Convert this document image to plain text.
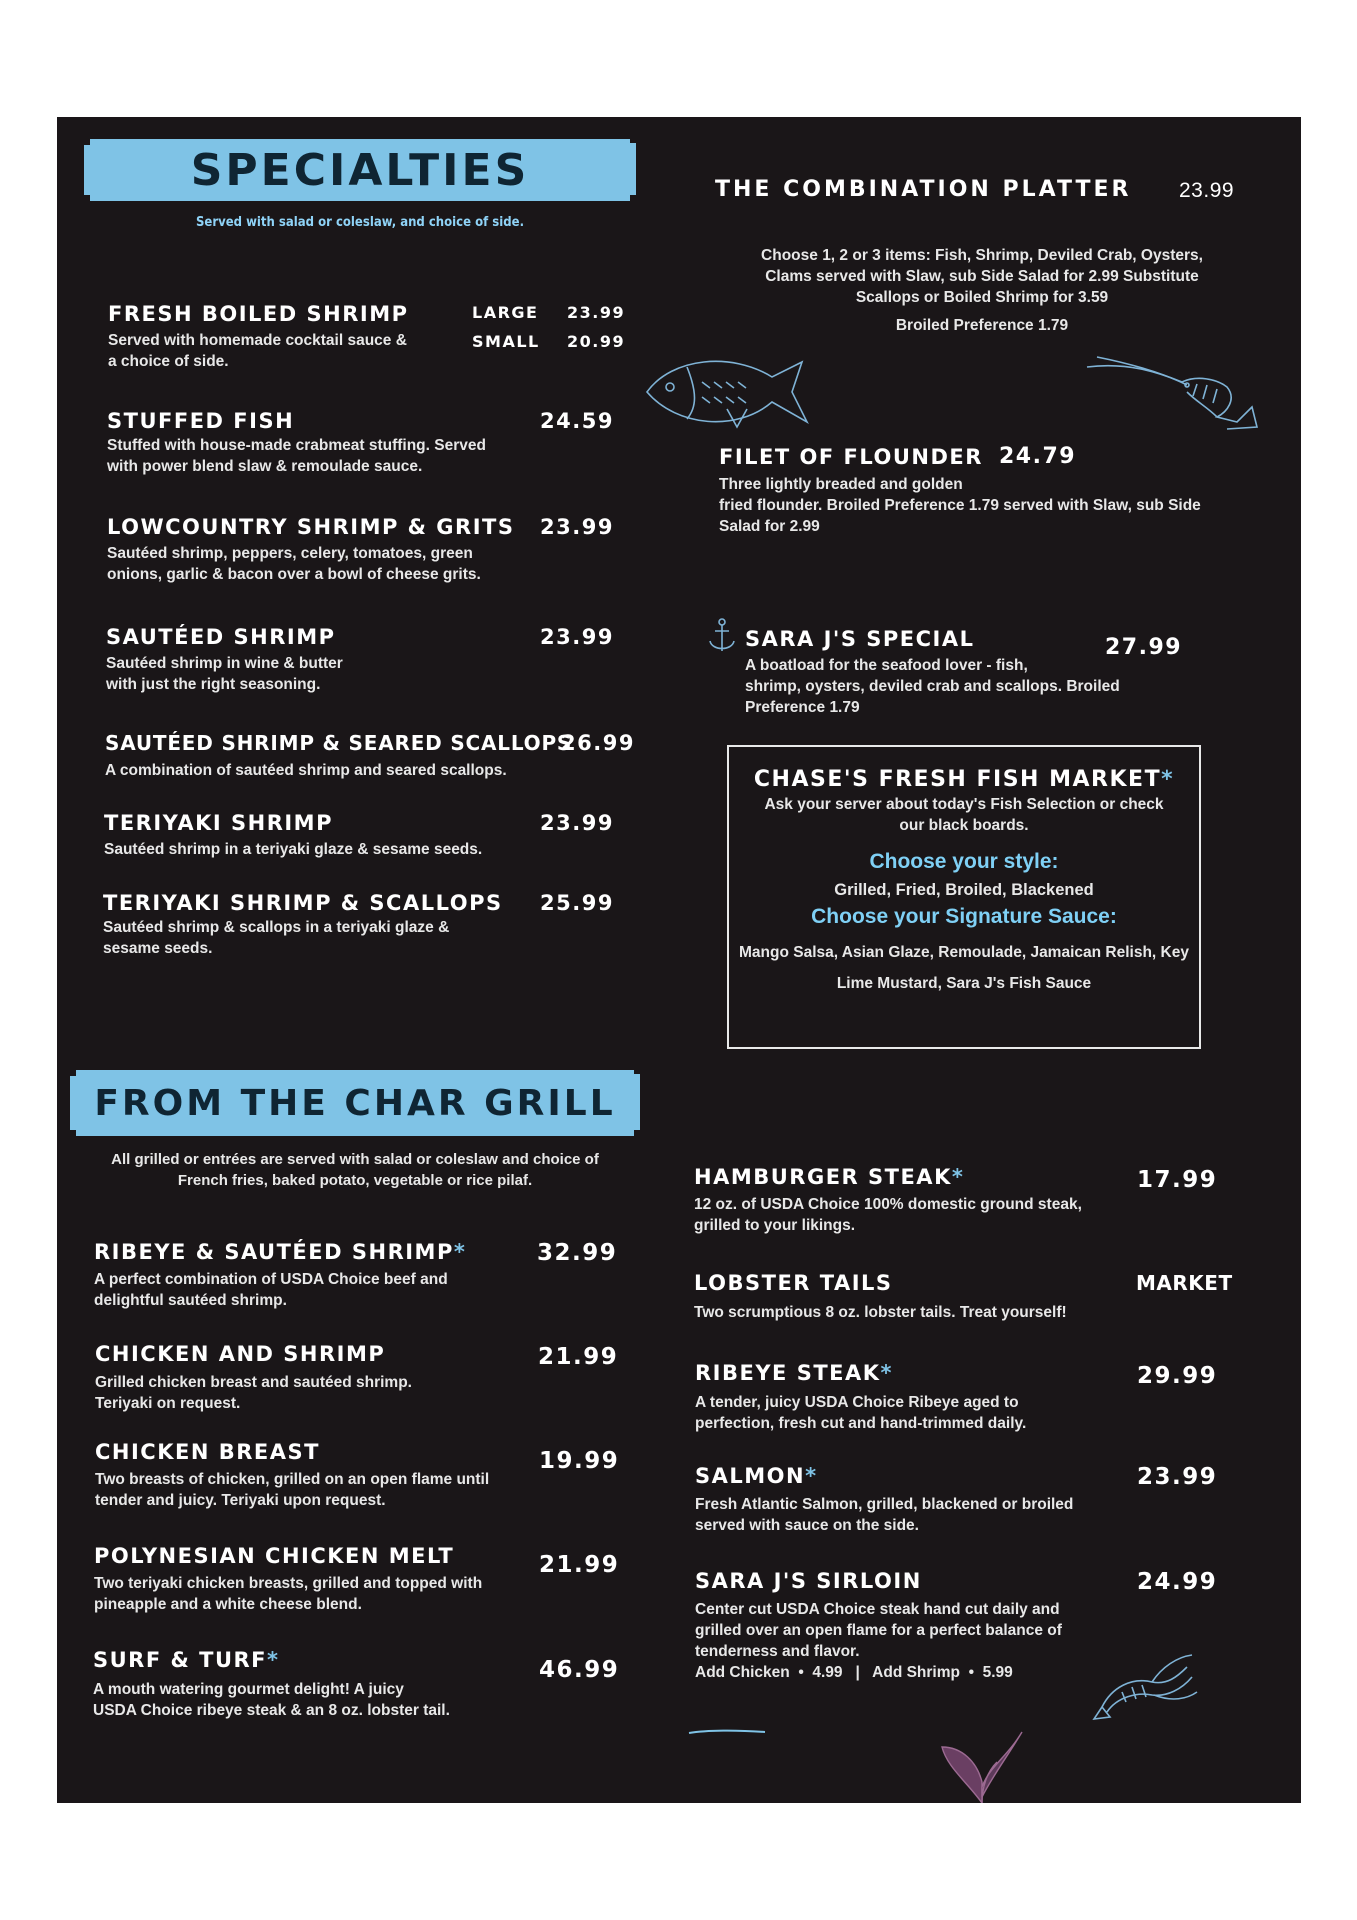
SPECIALTIES
Served with salad or coleslaw, and choice of side.
FRESH BOILED SHRIMP	LARGE 23.99
SMALL 20.99
Served with homemade cocktail sauce &
a choice of side.
STUFFED FISH	24.59
Stuffed with house-made crabmeat stuffing. Served
with power blend slaw & remoulade sauce.
LOWCOUNTRY SHRIMP & GRITS 23.99
Sautéed shrimp, peppers, celery, tomatoes, green
onions, garlic & bacon over a bowl of cheese grits.
SAUTÉED SHRIMP	23.99
Sautéed shrimp in wine & butter
with just the right seasoning.
SAUTÉED SHRIMP & SEARED SCALLOPS
26.99
A combination of sautéed shrimp and seared scallops.
TERIYAKI SHRIMP	23.99
Sautéed shrimp in a teriyaki glaze & sesame seeds.
TERIYAKI SHRIMP & SCALLOPS 25.99
Sautéed shrimp & scallops in a teriyaki glaze &
sesame seeds.
THE COMBINATION PLATTER 23.99
Choose 1, 2 or 3 items: Fish, Shrimp, Deviled Crab, Oysters,
Clams served with Slaw, sub Side Salad for 2.99 Substitute
Scallops or Boiled Shrimp for 3.59
Broiled Preference 1.79
FILET OF FLOUNDER 24.79
Three lightly breaded and golden
fried flounder. Broiled Preference 1.79 served with Slaw, sub Side
Salad for 2.99
SARA J'S SPECIAL	27.99
A boatload for the seafood lover - fish,
shrimp, oysters, deviled crab and scallops. Broiled
Preference 1.79
CHASE'S FRESH FISH MARKET*
Ask your server about today's Fish Selection or check
our black boards.
Choose your style:
Grilled, Fried, Broiled, Blackened
Choose your Signature Sauce:
Mango Salsa, Asian Glaze, Remoulade, Jamaican Relish, Key
Lime Mustard, Sara J's Fish Sauce
FROM THE CHAR GRILL
All grilled or entrées are served with salad or coleslaw and choice of
French fries, baked potato, vegetable or rice pilaf.
RIBEYE & SAUTÉED SHRIMP*	32.99
A perfect combination of USDA Choice beef and
delightful sautéed shrimp.
CHICKEN AND SHRIMP	21.99
Grilled chicken breast and sautéed shrimp.
Teriyaki on request.
CHICKEN BREAST	19.99
Two breasts of chicken, grilled on an open flame until
tender and juicy. Teriyaki upon request.
POLYNESIAN CHICKEN MELT	21.99
Two teriyaki chicken breasts, grilled and topped with
pineapple and a white cheese blend.
SURF & TURF*	46.99
A mouth watering gourmet delight! A juicy
USDA Choice ribeye steak & an 8 oz. lobster tail.
HAMBURGER STEAK*	17.99
12 oz. of USDA Choice 100% domestic ground steak,
grilled to your likings.
LOBSTER TAILS	MARKET
Two scrumptious 8 oz. lobster tails. Treat yourself!
RIBEYE STEAK*	29.99
A tender, juicy USDA Choice Ribeye aged to
perfection, fresh cut and hand-trimmed daily.
SALMON*	23.99
Fresh Atlantic Salmon, grilled, blackened or broiled
served with sauce on the side.
SARA J'S SIRLOIN	24.99
Center cut USDA Choice steak hand cut daily and
grilled over an open flame for a perfect balance of
tenderness and flavor.
Add Chicken  •  4.99   |   Add Shrimp  •  5.99
